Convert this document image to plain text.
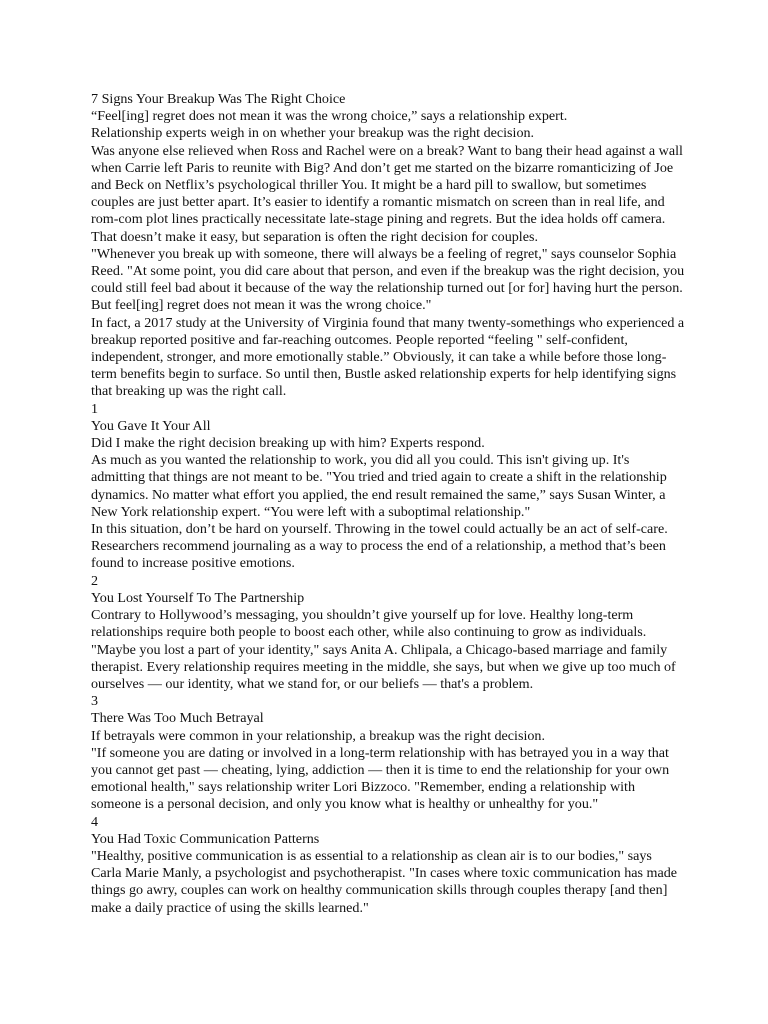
7 Signs Your Breakup Was The Right Choice

“Feel[ing] regret does not mean it was the wrong choice,” says a relationship expert.

Relationship experts weigh in on whether your breakup was the right decision.

Was anyone else relieved when Ross and Rachel were on a break? Want to bang their head against a wall when Carrie left Paris to reunite with Big? And don’t get me started on the bizarre romanticizing of Joe and Beck on Netflix’s psychological thriller You. It might be a hard pill to swallow, but sometimes couples are just better apart. It’s easier to identify a romantic mismatch on screen than in real life, and rom-com plot lines practically necessitate late-stage pining and regrets. But the idea holds off camera. That doesn’t make it easy, but separation is often the right decision for couples.

"Whenever you break up with someone, there will always be a feeling of regret," says counselor Sophia Reed. "At some point, you did care about that person, and even if the breakup was the right decision, you could still feel bad about it because of the way the relationship turned out [or for] having hurt the person. But feel[ing] regret does not mean it was the wrong choice."

In fact, a 2017 study at the University of Virginia found that many twenty-somethings who experienced a breakup reported positive and far-reaching outcomes. People reported “feeling " self-confident, independent, stronger, and more emotionally stable.” Obviously, it can take a while before those long-term benefits begin to surface. So until then, Bustle asked relationship experts for help identifying signs that breaking up was the right call.

1

You Gave It Your All

Did I make the right decision breaking up with him? Experts respond.

As much as you wanted the relationship to work, you did all you could. This isn't giving up. It's admitting that things are not meant to be. "You tried and tried again to create a shift in the relationship dynamics. No matter what effort you applied, the end result remained the same,” says Susan Winter, a New York relationship expert. “You were left with a suboptimal relationship."

In this situation, don’t be hard on yourself. Throwing in the towel could actually be an act of self-care. Researchers recommend journaling as a way to process the end of a relationship, a method that’s been found to increase positive emotions.

2

You Lost Yourself To The Partnership

Contrary to Hollywood’s messaging, you shouldn’t give yourself up for love. Healthy long-term relationships require both people to boost each other, while also continuing to grow as individuals. "Maybe you lost a part of your identity," says Anita A. Chlipala, a Chicago-based marriage and family therapist. Every relationship requires meeting in the middle, she says, but when we give up too much of ourselves — our identity, what we stand for, or our beliefs — that's a problem.

3

There Was Too Much Betrayal

If betrayals were common in your relationship, a breakup was the right decision.

"If someone you are dating or involved in a long-term relationship with has betrayed you in a way that you cannot get past — cheating, lying, addiction — then it is time to end the relationship for your own emotional health," says relationship writer Lori Bizzoco. "Remember, ending a relationship with someone is a personal decision, and only you know what is healthy or unhealthy for you."

4

You Had Toxic Communication Patterns

"Healthy, positive communication is as essential to a relationship as clean air is to our bodies," says Carla Marie Manly, a psychologist and psychotherapist. "In cases where toxic communication has made things go awry, couples can work on healthy communication skills through couples therapy [and then] make a daily practice of using the skills learned."
